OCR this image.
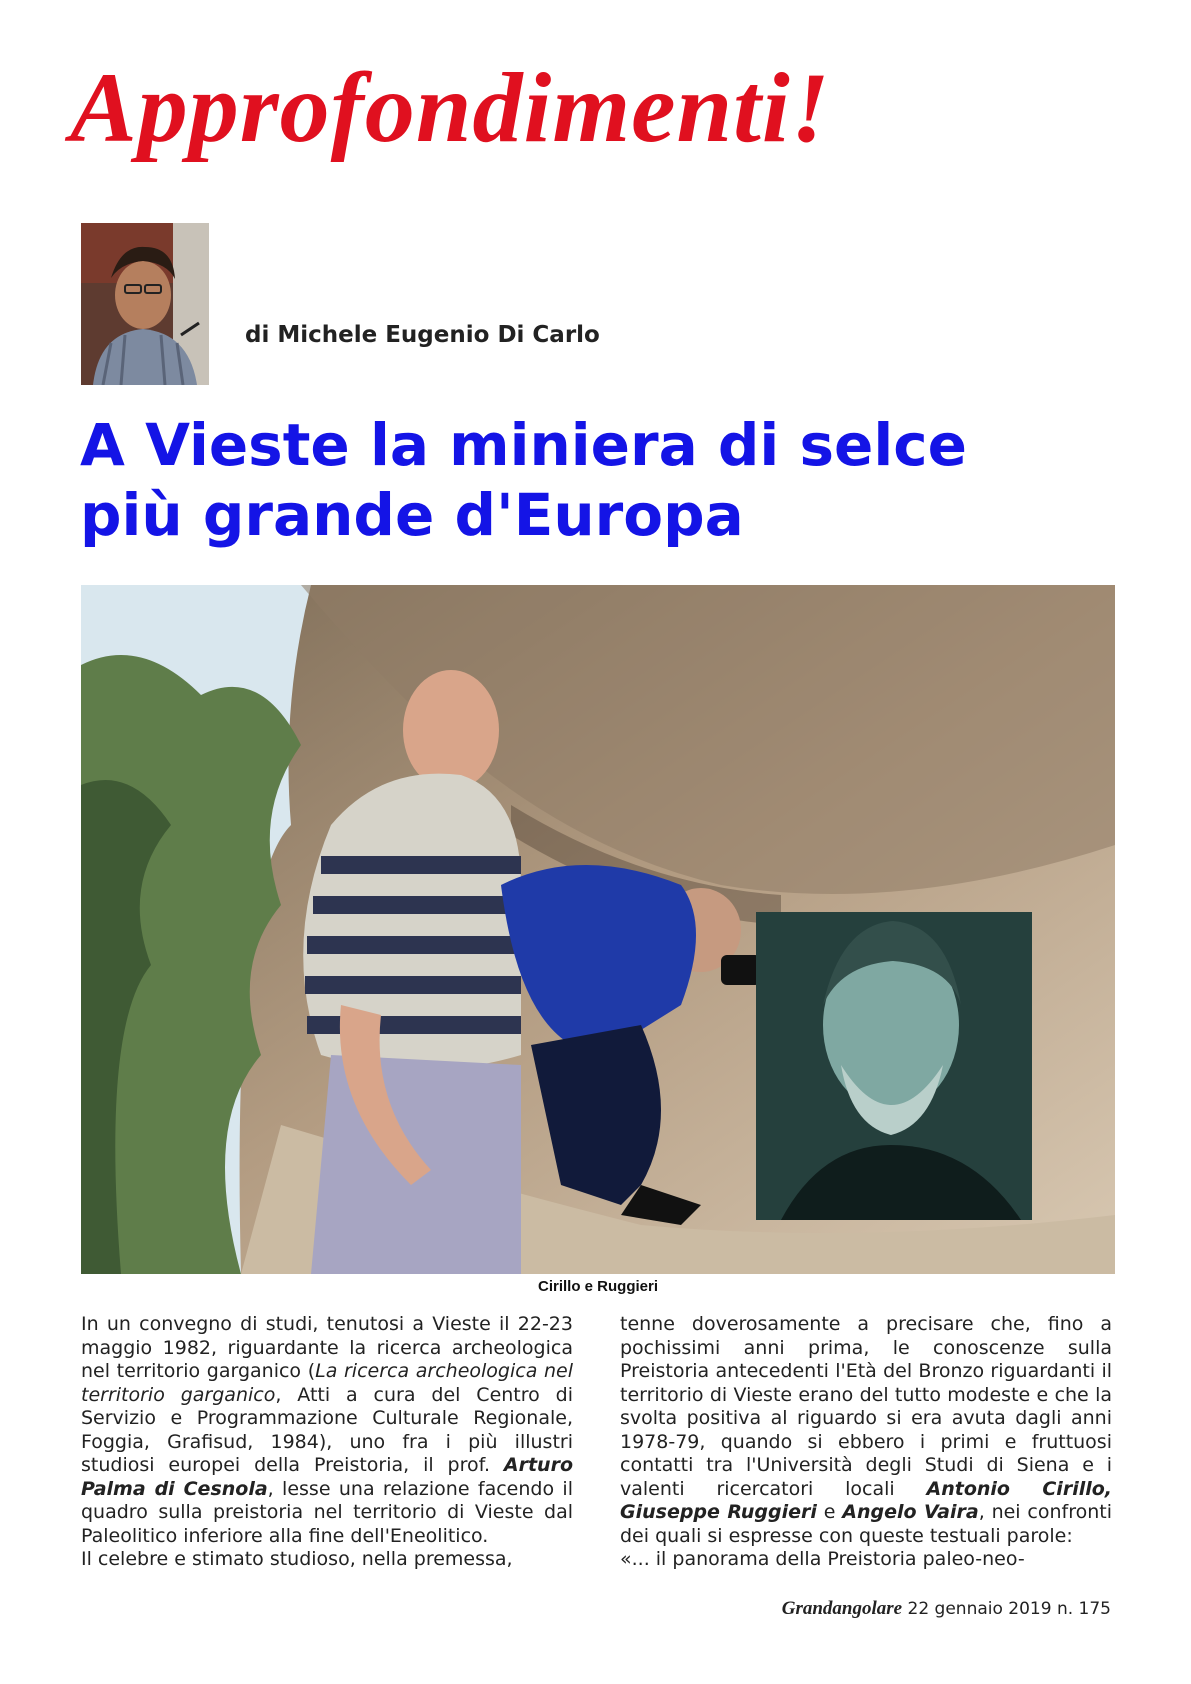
Approfondimenti!
di Michele Eugenio Di Carlo
A Vieste la miniera di selce
più grande d'Europa
Cirillo e Ruggieri

In un convegno di studi, tenutosi a Vieste il 22-23 maggio 1982, riguardante la ricerca archeologica nel territorio garganico (La ricerca archeologica nel territorio garganico, Atti a cura del Centro di Servizio e Programmazione Culturale Regionale, Foggia, Grafisud, 1984), uno fra i più illustri studiosi europei della Preistoria, il prof. Arturo Palma di Cesnola, lesse una relazione facendo il quadro sulla preistoria nel territorio di Vieste dal Paleolitico inferiore alla fine dell'Eneolitico.

Il celebre e stimato studioso, nella premessa,

tenne doverosamente a precisare che, fino a pochissimi anni prima, le conoscenze sulla Preistoria antecedenti l'Età del Bronzo riguardanti il territorio di Vieste erano del tutto modeste e che la svolta positiva al riguardo si era avuta dagli anni 1978-79, quando si ebbero i primi e fruttuosi contatti tra l'Università degli Studi di Siena e i valenti ricercatori locali Antonio Cirillo, Giuseppe Ruggieri e Angelo Vaira, nei confronti dei quali si espresse con queste testuali parole:

«... il panorama della Preistoria paleo-neo-

Grandangolare 22 gennaio 2019 n. 175
